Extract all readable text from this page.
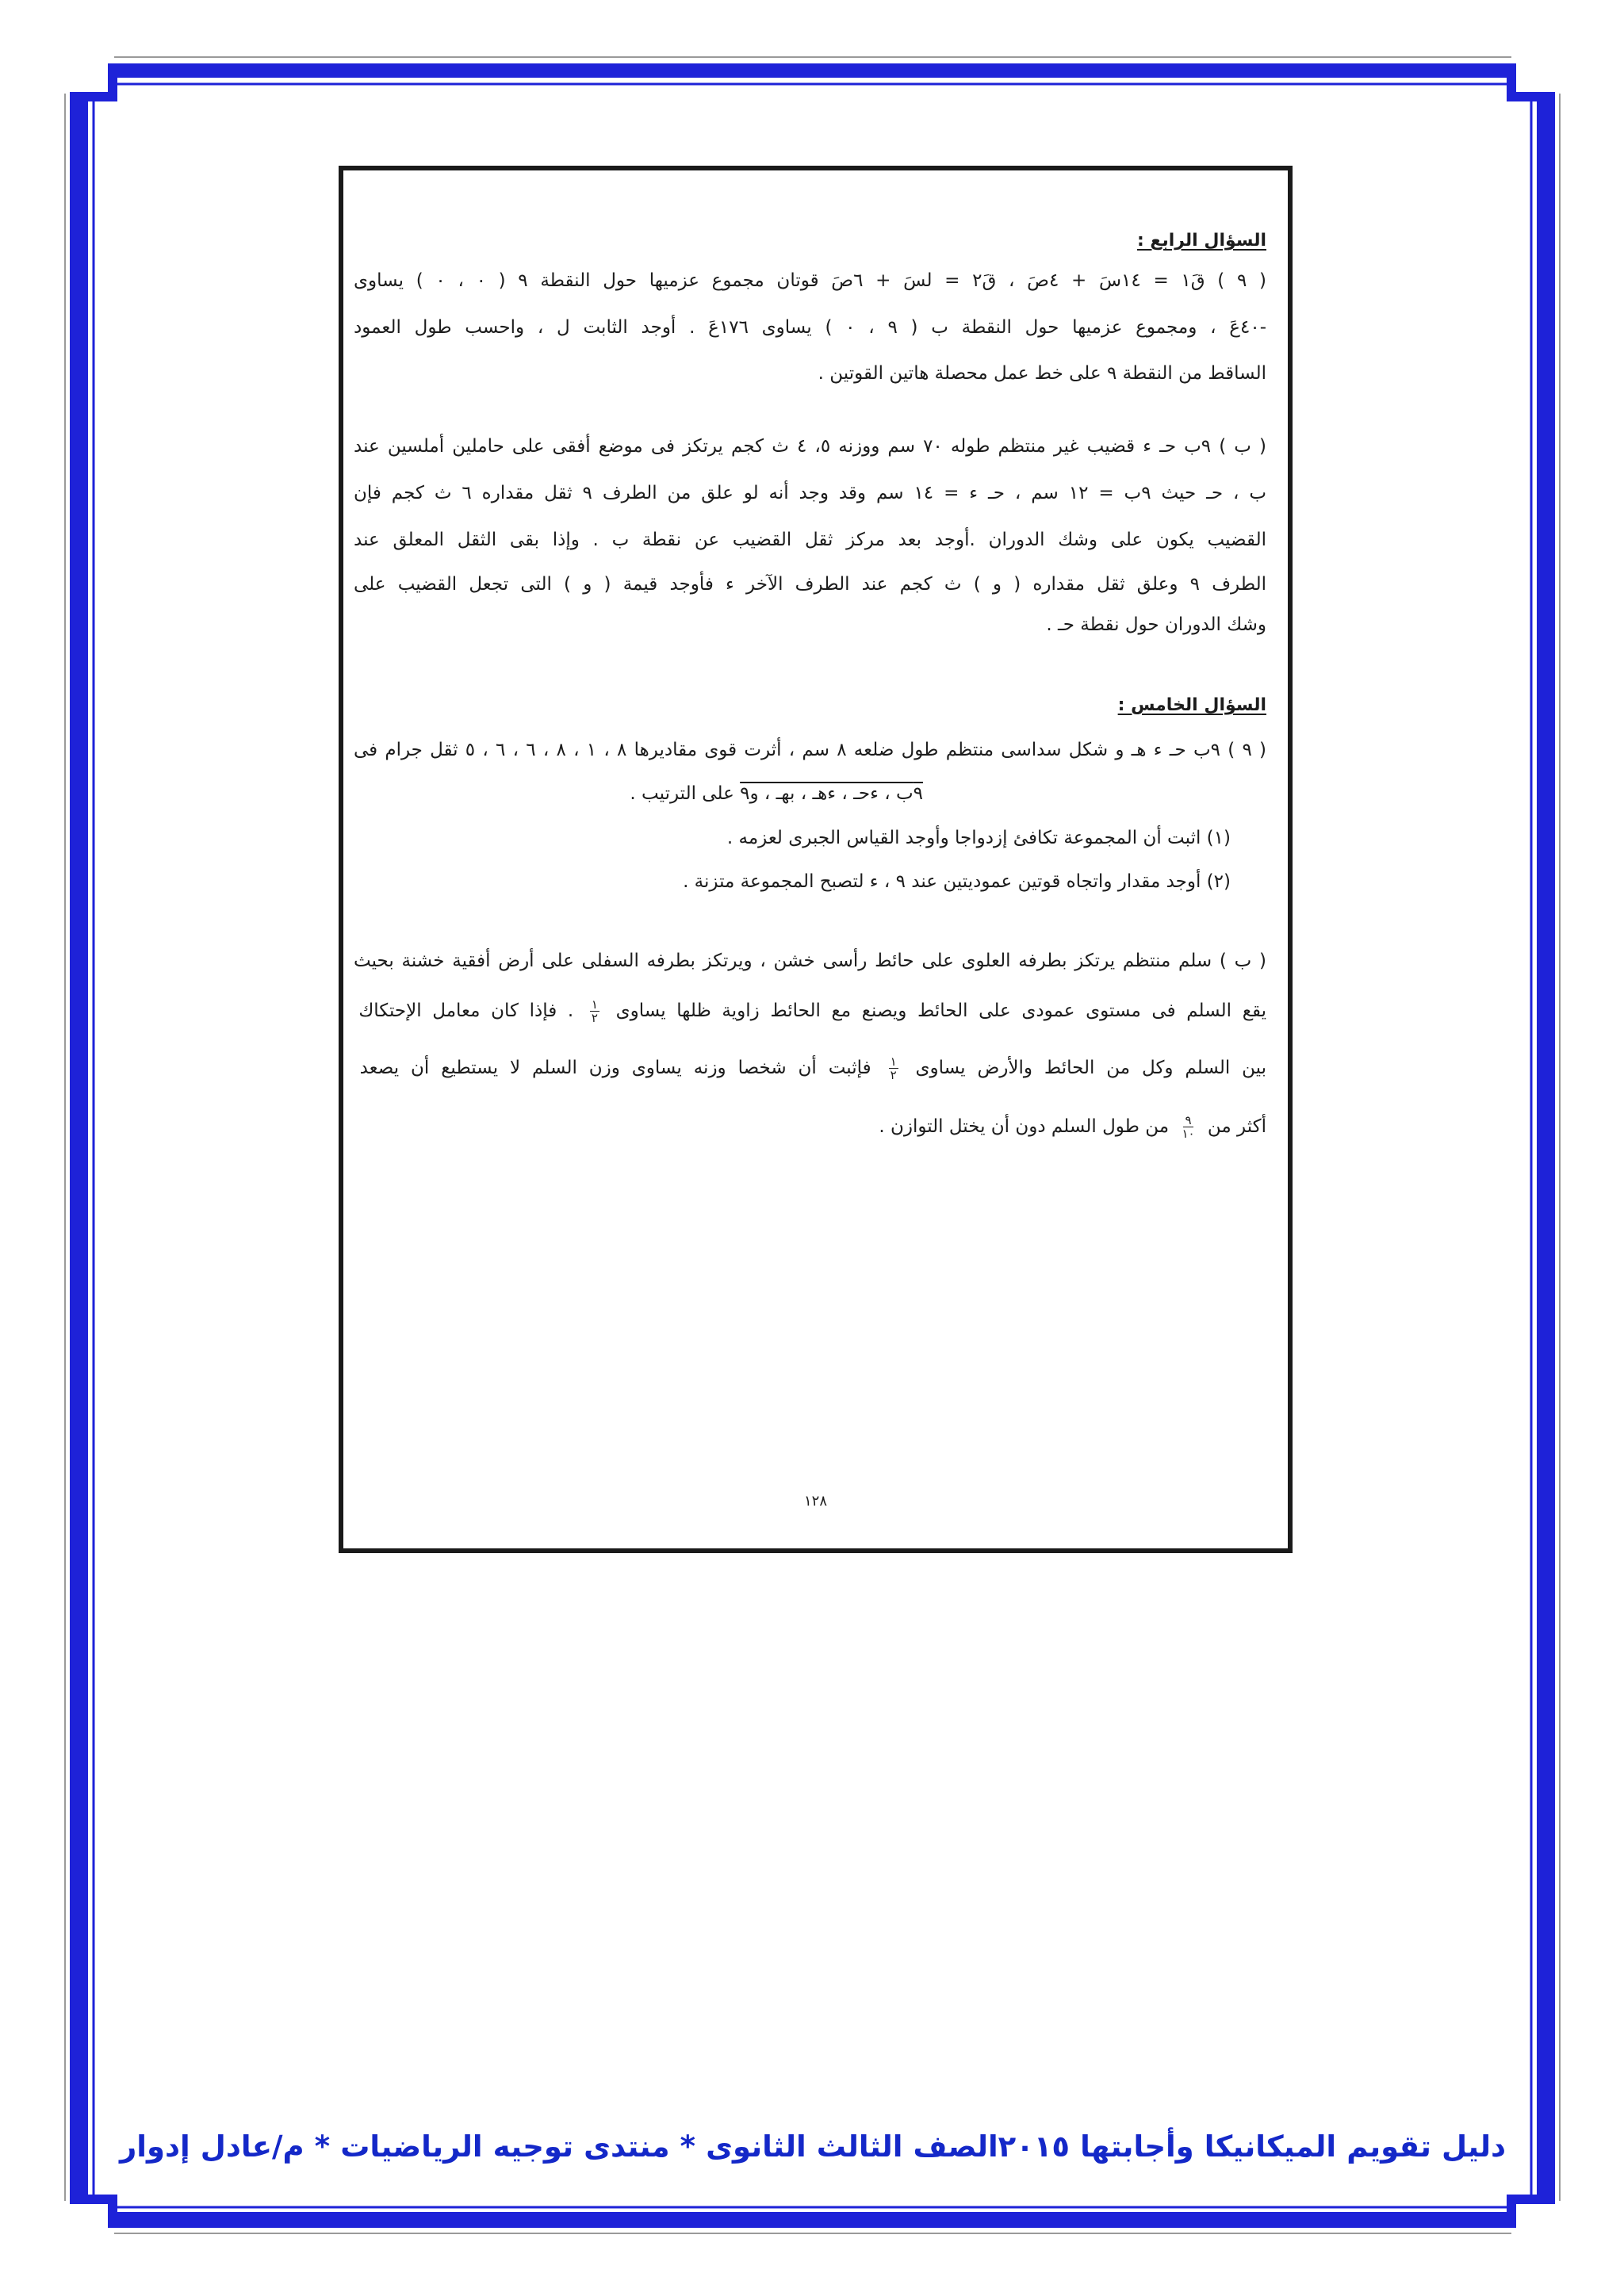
السؤال الرابع :
( ٩ ) قَ١ = ١٤سَ + ٤صَ ، قَ٢ = لسَ + ٦صَ قوتان مجموع عزميها حول النقطة ٩ ( ٠ ، ٠ ) يساوى
-٤٠عَ ، ومجموع عزميها حول النقطة ب ( ٩ ، ٠ ) يساوى ١٧٦عَ . أوجد الثابت ل ، واحسب طول العمود
الساقط من النقطة ٩ على خط عمل محصلة هاتين القوتين .
( ب ) ٩ب حـ ء قضيب غير منتظم طوله ٧٠ سم ووزنه ٥، ٤ ث كجم يرتكز فى موضع أفقى على حاملين أملسين عند
ب ، حـ حيث ٩ب = ١٢ سم ، حـ ء = ١٤ سم وقد وجد أنه لو علق من الطرف ٩ ثقل مقداره ٦ ث كجم فإن
القضيب يكون على وشك الدوران .أوجد بعد مركز ثقل القضيب عن نقطة ب . وإذا بقى الثقل المعلق عند
الطرف ٩ وعلق ثقل مقداره ( و ) ث كجم عند الطرف الآخر ء فأوجد قيمة ( و ) التى تجعل القضيب على
وشك الدوران حول نقطة حـ .
السؤال الخامس :
( ٩ ) ٩ب حـ ء هـ و شكل سداسى منتظم طول ضلعه ٨ سم ، أثرت قوى مقاديرها ٨ ، ١ ، ٨ ، ٦ ، ٦ ، ٥ ثقل جرام فى
٩ب ، ءحـ ، ءهـ ، بهـ ، و٩ على الترتيب .
(١) اثبت أن المجموعة تكافئ إزدواجا وأوجد القياس الجبرى لعزمه .
(٢) أوجد مقدار واتجاه قوتين عموديتين عند ٩ ، ء لتصبح المجموعة متزنة .
( ب ) سلم منتظم يرتكز بطرفه العلوى على حائط رأسى خشن ، ويرتكز بطرفه السفلى على أرض أفقية خشنة بحيث
يقع السلم فى مستوى عمودى على الحائط ويصنع مع الحائط زاوية ظلها يساوى
$\frac{١}{٢}$
. فإذا كان معامل الإحتكاك
بين السلم وكل من الحائط والأرض يساوى
$\frac{١}{٢}$
فإثبت أن شخصا وزنه يساوى وزن السلم لا يستطيع أن يصعد
أكثر من
$\frac{٩}{١٠}$
من طول السلم دون أن يختل التوازن .
١٢٨
دليل تقويم الميكانيكا وأجابتها ٢٠١٥الصف الثالث الثانوى * منتدى توجيه الرياضيات * م/عادل إدوار
